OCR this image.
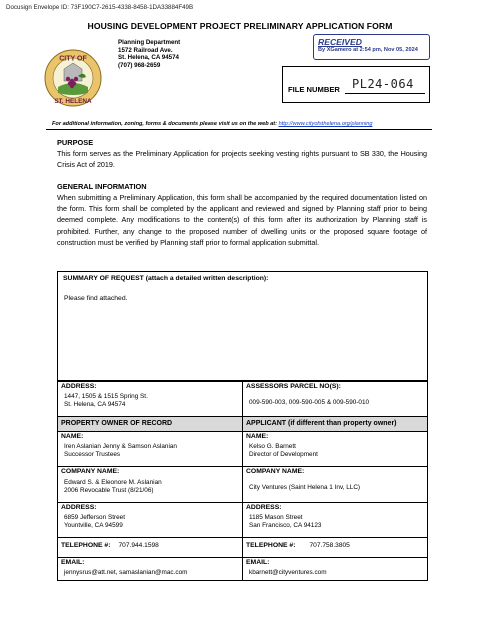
Docusign Envelope ID: 73F190C7-2615-4338-8458-1DA33884F49B
HOUSING DEVELOPMENT PROJECT PRELIMINARY APPLICATION FORM
CITY OF
ST. HELENA
Planning Department
1572 Railroad Ave.
St. Helena, CA 94574
(707) 968-2659
RECEIVED
By XGamero at 2:54 pm, Nov 05, 2024
FILE NUMBER PL24-064
For additional information, zoning, forms & documents please visit us on the web at: http://www.cityofsthelena.org/planning
PURPOSE
This form serves as the Preliminary Application for projects seeking vesting rights pursuant to SB 330, the Housing Crisis Act of 2019.
GENERAL INFORMATION
When submitting a Preliminary Application, this form shall be accompanied by the required documentation listed on the form. This form shall be completed by the applicant and reviewed and signed by Planning staff prior to being deemed complete. Any modifications to the content(s) of this form after its authorization by Planning staff is prohibited. Further, any change to the proposed number of dwelling units or the proposed square footage of construction must be verified by Planning staff prior to formal application submittal.
SUMMARY OF REQUEST (attach a detailed written description):
Please find attached.
ADDRESS:
1447, 1505 & 1515 Spring St.
St. Helena, CA 94574
ASSESSORS PARCEL NO(S):
009-590-003, 009-590-005 & 009-590-010
PROPERTY OWNER OF RECORD	APPLICANT (if different than property owner)
NAME:
Iren Aslanian Jenny & Samson Aslanian
Successor Trustees
NAME:
Kelso G. Barnett
Director of Development
COMPANY NAME:
Edward S. & Eleonore M. Aslanian
2006 Revocable Trust (8/21/06)
COMPANY NAME:
City Ventures (Saint Helena 1 Inv, LLC)
ADDRESS:
6859 Jefferson Street
Yountville, CA 94599
ADDRESS:
1185 Mason Street
San Francisco, CA 94123
TELEPHONE #: 707.944.1598	TELEPHONE #: 707.758.3805
EMAIL:
jennysrus@att.net, samaslanian@mac.com
EMAIL:
kbarnett@cityventures.com
